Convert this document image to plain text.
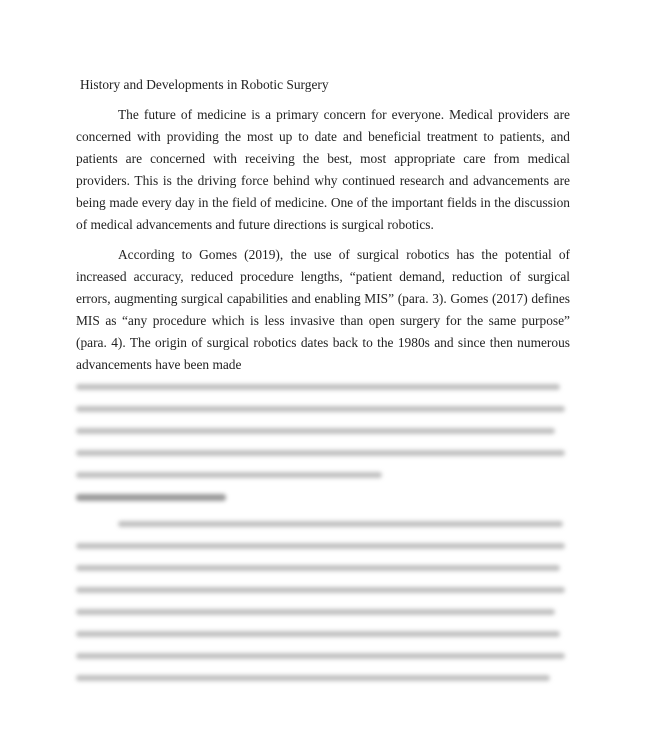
History and Developments in Robotic Surgery

The future of medicine is a primary concern for everyone. Medical providers are concerned with providing the most up to date and beneficial treatment to patients, and patients are concerned with receiving the best, most appropriate care from medical providers. This is the driving force behind why continued research and advancements are being made every day in the field of medicine. One of the important fields in the discussion of medical advancements and future directions is surgical robotics.

According to Gomes (2019), the use of surgical robotics has the potential of increased accuracy, reduced procedure lengths, “patient demand, reduction of surgical errors, augmenting surgical capabilities and enabling MIS” (para. 3). Gomes (2017) defines MIS as “any procedure which is less invasive than open surgery for the same purpose” (para. 4). The origin of surgical robotics dates back to the 1980s and since then numerous advancements have been made
